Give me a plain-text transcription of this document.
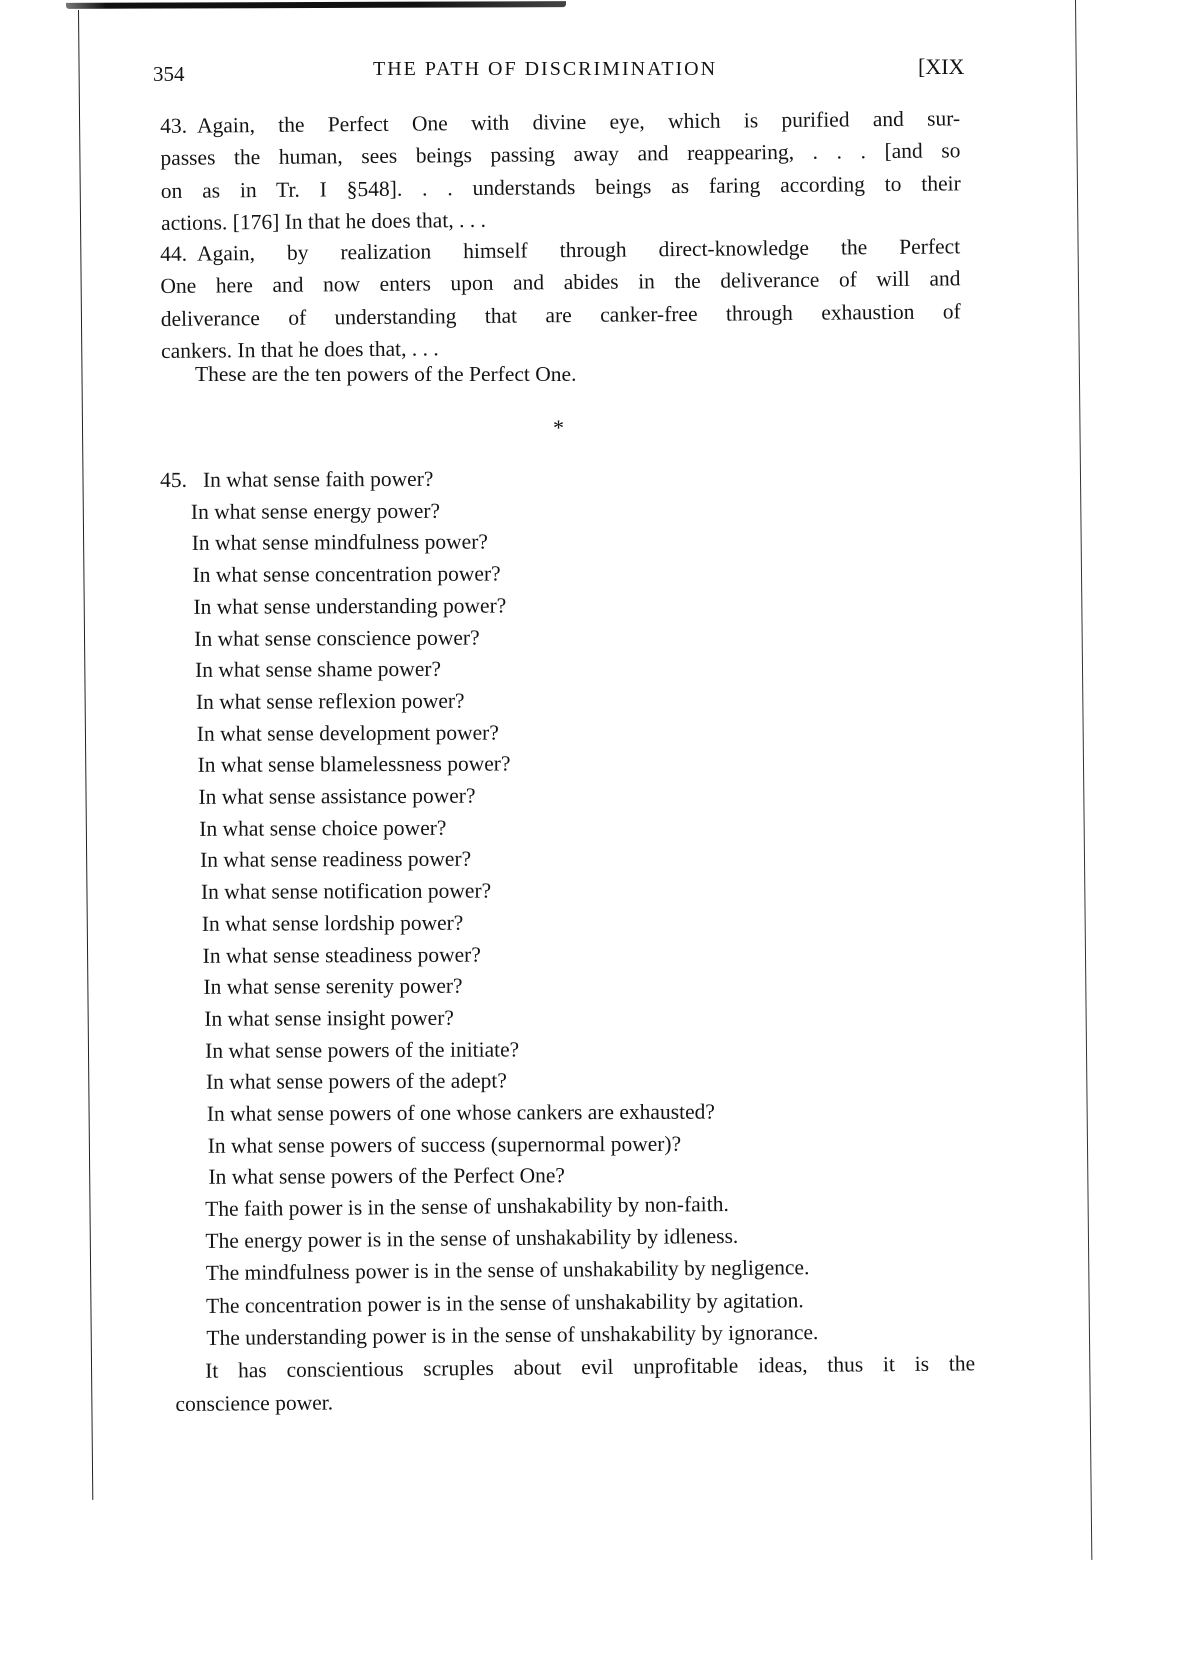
354	THE PATH OF DISCRIMINATION	[XIX
43. Again, the Perfect One with divine eye, which is purified and sur-
passes the human, sees beings passing away and reappearing, . . . [and so
on as in Tr. I §548]. . . understands beings as faring according to their
actions. [176] In that he does that, . . .
44. Again, by realization himself through direct-knowledge the Perfect
One here and now enters upon and abides in the deliverance of will and
deliverance of understanding that are canker-free through exhaustion of
cankers. In that he does that, . . .
These are the ten powers of the Perfect One.
*
45. In what sense faith power?
In what sense energy power?
In what sense mindfulness power?
In what sense concentration power?
In what sense understanding power?
In what sense conscience power?
In what sense shame power?
In what sense reflexion power?
In what sense development power?
In what sense blamelessness power?
In what sense assistance power?
In what sense choice power?
In what sense readiness power?
In what sense notification power?
In what sense lordship power?
In what sense steadiness power?
In what sense serenity power?
In what sense insight power?
In what sense powers of the initiate?
In what sense powers of the adept?
In what sense powers of one whose cankers are exhausted?
In what sense powers of success (supernormal power)?
In what sense powers of the Perfect One?
The faith power is in the sense of unshakability by non-faith.
The energy power is in the sense of unshakability by idleness.
The mindfulness power is in the sense of unshakability by negligence.
The concentration power is in the sense of unshakability by agitation.
The understanding power is in the sense of unshakability by ignorance.
It has conscientious scruples about evil unprofitable ideas, thus it is the
conscience power.
